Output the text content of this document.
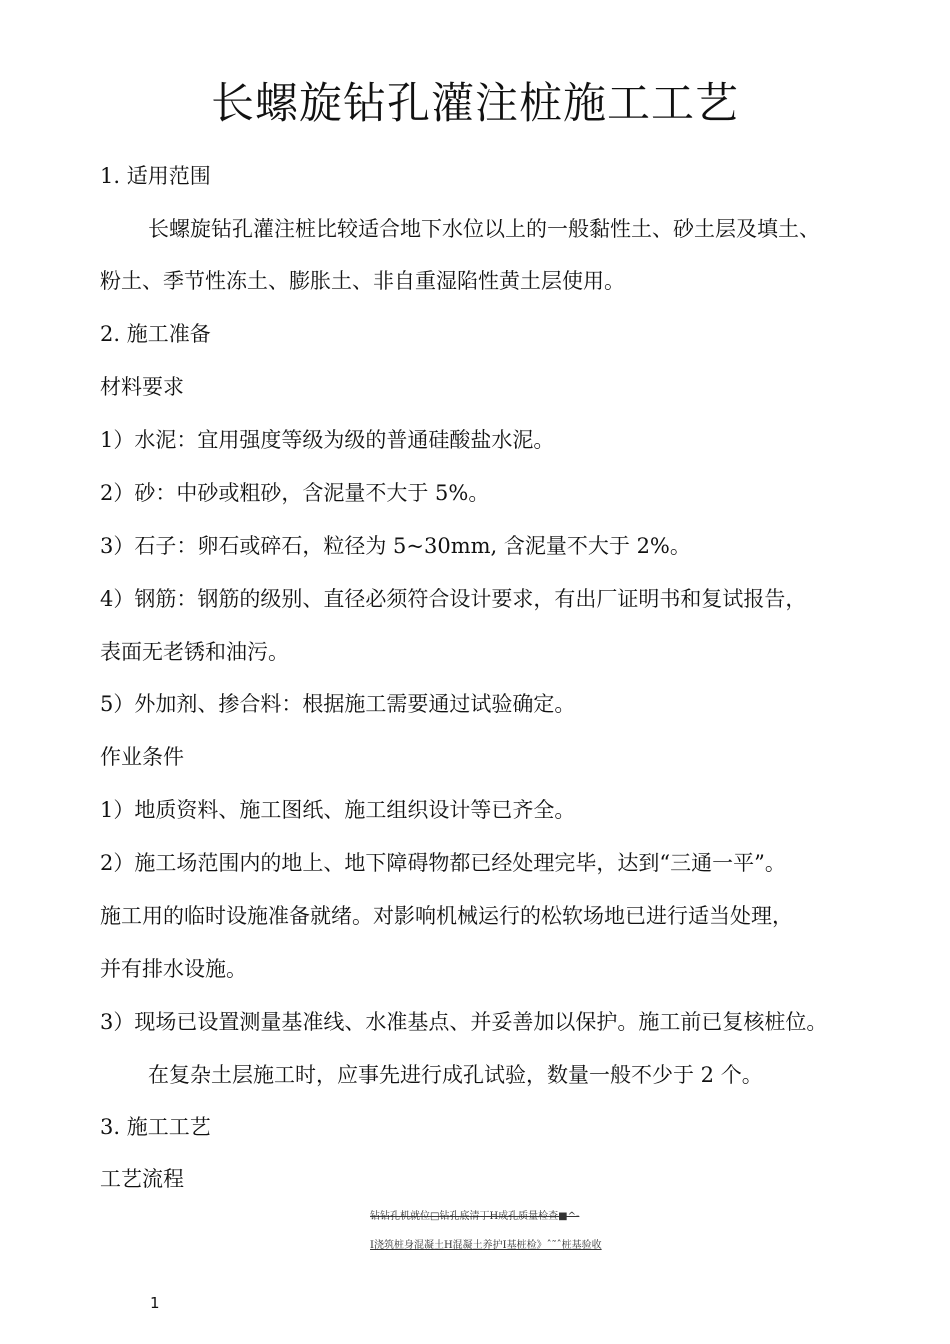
长螺旋钻孔灌注桩施工工艺
1. 适用范围
长螺旋钻孔灌注桩比较适合地下水位以上的一般黏性土、砂土层及填土、
粉土、季节性冻土、膨胀土、非自重湿陷性黄土层使用。
2. 施工准备
材料要求
1）水泥：宜用强度等级为级的普通硅酸盐水泥。
2）砂：中砂或粗砂，含泥量不大于 5%。
3）石子：卵石或碎石，粒径为 5~30mm, 含泥量不大于 2%。
4）钢筋：钢筋的级别、直径必须符合设计要求，有出厂证明书和复试报告，
表面无老锈和油污。
5）外加剂、掺合料：根据施工需要通过试验确定。
作业条件
1）地质资料、施工图纸、施工组织设计等已齐全。
2）施工场范围内的地上、地下障碍物都已经处理完毕，达到“三通一平”。
施工用的临时设施准备就绪。对影响机械运行的松软场地已进行适当处理，
并有排水设施。
3）现场已设置测量基准线、水准基点、并妥善加以保护。施工前已复核桩位。
在复杂土层施工时，应事先进行成孔试验，数量一般不少于 2 个。
3. 施工工艺
工艺流程
钻钻孔机就位□钻孔底清丁H成孔质量检查■^-
I浇筑桩身混凝土H混凝土养护I基桩检》ˆ˜ˆ桩基验收
1
